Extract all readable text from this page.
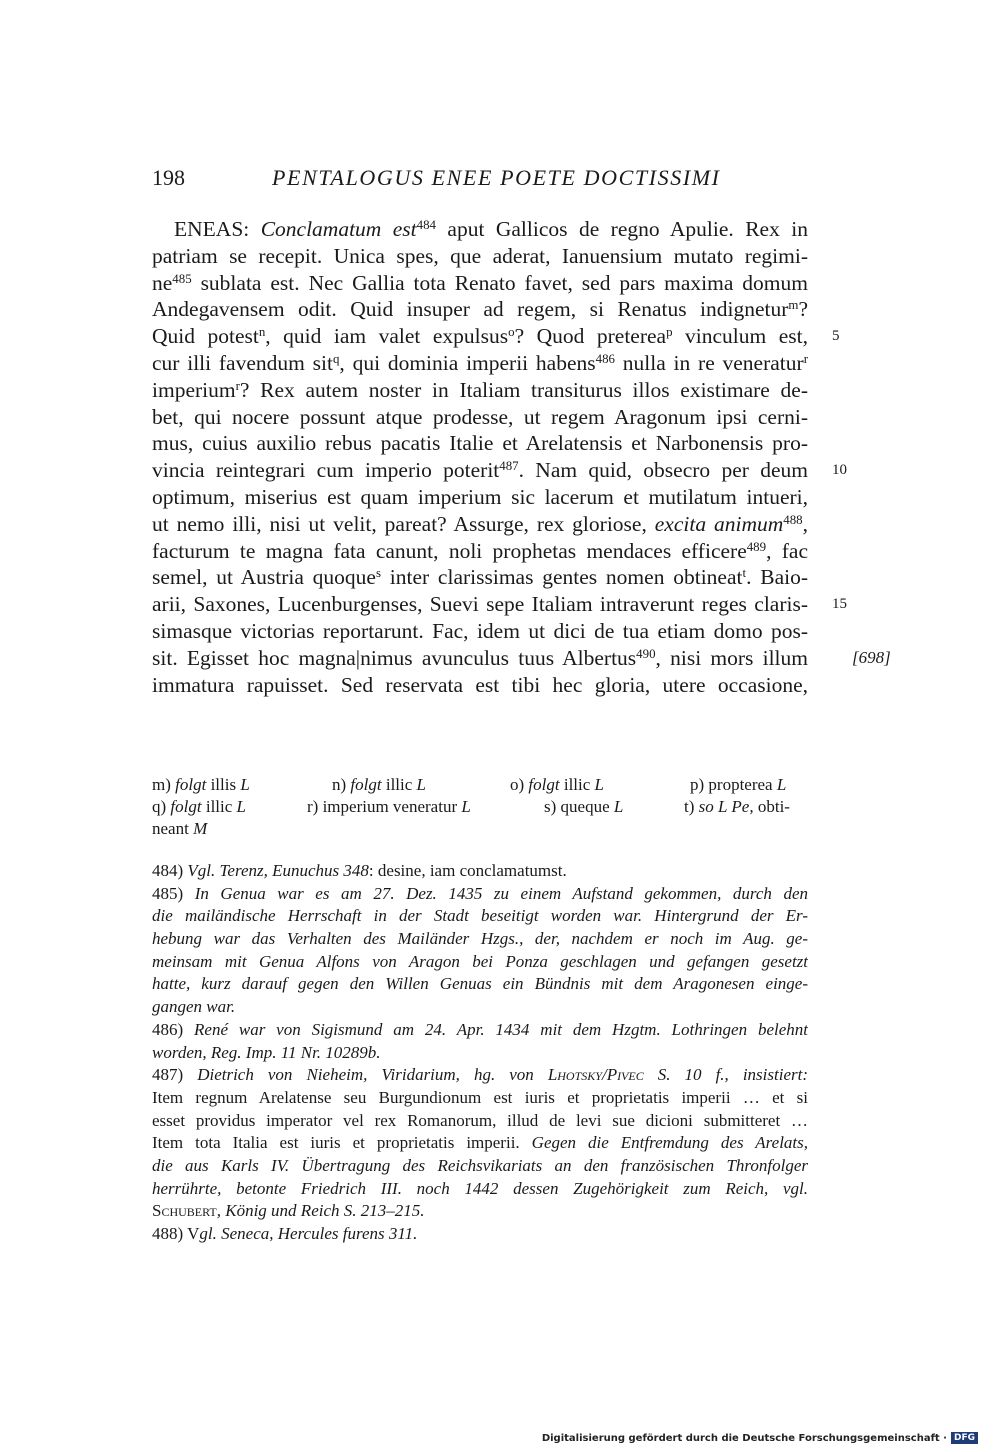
198	PENTALOGUS ENEE POETE DOCTISSIMI
ENEAS: Conclamatum est$^{484}$ aput Gallicos de regno Apulie. Rex in
patriam se recepit. Unica spes, que aderat, Ianuensium mutato regimi-
$ne^{485}$ sublata est. Nec Gallia tota Renato favet, sed pars maxima domum
Andegavensem odit. Quid insuper ad regem, si Renatus indignetur$^m$?
Quid potest$^n$, quid iam valet expulsus$^o$? Quod preterea$^p$ vinculum est, 5
cur illi favendum sit$^q$, qui dominia imperii habens$^{486}$ nulla in re veneratur$^r$
imperium$^r$? Rex autem noster in Italiam transiturus illos existimare de-
bet, qui nocere possunt atque prodesse, ut regem Aragonum ipsi cerni-
mus, cuius auxilio rebus pacatis Italie et Arelatensis et Narbonensis pro-
vincia reintegrari cum imperio poterit$^{487}$. Nam quid, obsecro per deum 10
optimum, miserius est quam imperium sic lacerum et mutilatum intueri,
ut nemo illi, nisi ut velit, pareat? Assurge, rex gloriose, excita animum$^{488}$,
facturum te magna fata canunt, noli prophetas mendaces efficere$^{489}$, fac
semel, ut Austria quoque$^s$ inter clarissimas gentes nomen obtineat$^t$. Baio-
arii, Saxones, Lucenburgenses, Suevi sepe Italiam intraverunt reges claris- 15
simasque victorias reportarunt. Fac, idem ut dici de tua etiam domo pos-
sit. Egisset hoc magna|nimus avunculus tuus Albertus$^{490}$, nisi mors illum	[698]
immatura rapuisset. Sed reservata est tibi hec gloria, utere occasione,
m) folgt illis L	n) folgt illic L	o) folgt illic L	p) propterea L
q) folgt illic L	r) imperium veneratur L	s) queque L	t) so L Pe, obti-
neant M
484) Vgl. Terenz, Eunuchus 348: desine, iam conclamatumst.
485) In Genua war es am 27. Dez. 1435 zu einem Aufstand gekommen, durch den
die mailändische Herrschaft in der Stadt beseitigt worden war. Hintergrund der Er-
hebung war das Verhalten des Mailänder Hzgs., der, nachdem er noch im Aug. ge-
meinsam mit Genua Alfons von Aragon bei Ponza geschlagen und gefangen gesetzt
hatte, kurz darauf gegen den Willen Genuas ein Bündnis mit dem Aragonesen einge-
gangen war.
486) René war von Sigismund am 24. Apr. 1434 mit dem Hzgtm. Lothringen belehnt
worden, Reg. Imp. 11 Nr. 10289b.
487) Dietrich von Nieheim, Viridarium, hg. von Lhotsky/Pivec S. 10 f., insistiert:
Item regnum Arelatense seu Burgundionum est iuris et proprietatis imperii … et si
esset providus imperator vel rex Romanorum, illud de levi sue dicioni submitteret …
Item tota Italia est iuris et proprietatis imperii. Gegen die Entfremdung des Arelats,
die aus Karls IV. Übertragung des Reichsvikariats an den französischen Thronfolger
herrührte, betonte Friedrich III. noch 1442 dessen Zugehörigkeit zum Reich, vgl.
Schubert, König und Reich S. 213–215.
488) Vgl. Seneca, Hercules furens 311.
Digitalisierung gefördert durch die Deutsche Forschungsgemeinschaft · DFG
